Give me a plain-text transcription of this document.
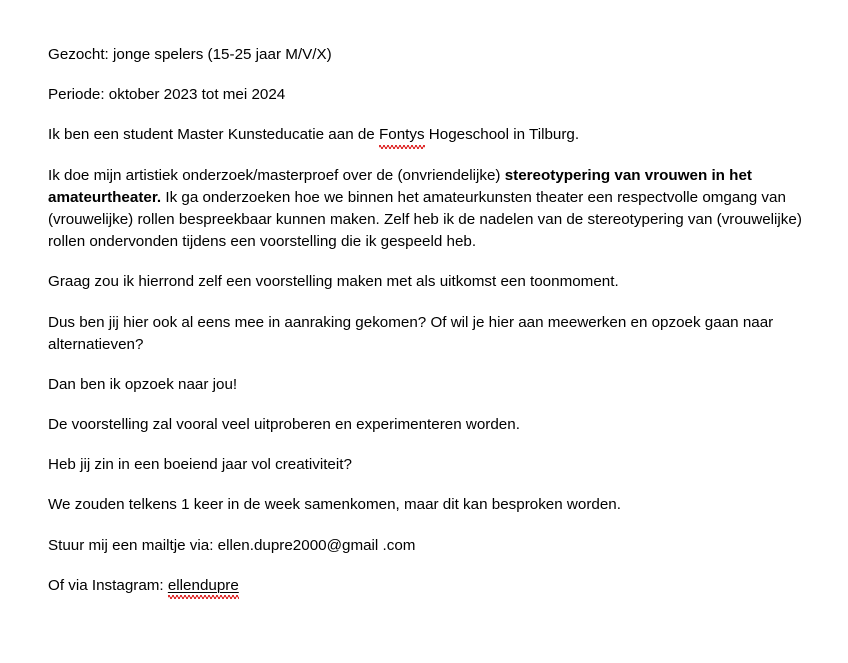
Gezocht: jonge spelers (15-25 jaar M/V/X)

Periode: oktober 2023 tot mei 2024

Ik ben een student Master Kunsteducatie aan de Fontys Hogeschool in Tilburg.

Ik doe mijn artistiek onderzoek/masterproef over de (onvriendelijke) stereotypering van vrouwen in het amateurtheater. Ik ga onderzoeken hoe we binnen het amateurkunsten theater een respectvolle omgang van (vrouwelijke) rollen bespreekbaar kunnen maken. Zelf heb ik de nadelen van de stereotypering van (vrouwelijke) rollen ondervonden tijdens een voorstelling die ik gespeeld heb.

Graag zou ik hierrond zelf een voorstelling maken met als uitkomst een toonmoment.

Dus ben jij hier ook al eens mee in aanraking gekomen? Of wil je hier aan meewerken en opzoek gaan naar alternatieven?

Dan ben ik opzoek naar jou!

De voorstelling zal vooral veel uitproberen en experimenteren worden.

Heb jij zin in een boeiend jaar vol creativiteit?

We zouden telkens 1 keer in de week samenkomen, maar dit kan besproken worden.

Stuur mij een mailtje via: ellen.dupre2000@gmail .com

Of via Instagram: ellendupre
